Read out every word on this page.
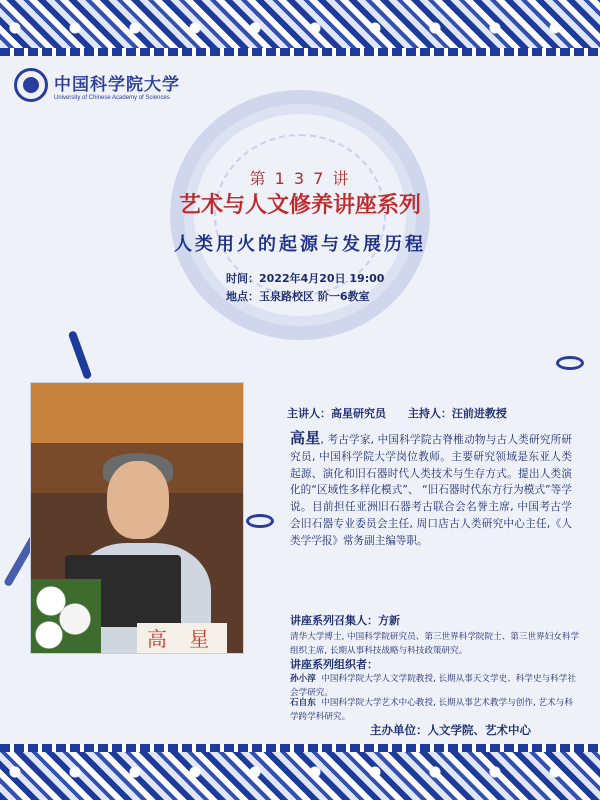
中国科学院大学
University of Chinese Academy of Sciences
第 1 3 7 讲
艺术与人文修养讲座系列
人类用火的起源与发展历程
时间：2022年4月20日 19:00
地点：玉泉路校区 阶一6教室
高 星
主讲人：高星研究员 主持人：汪前进教授
高星, 考古学家, 中国科学院古脊椎动物与古人类研究所研究员, 中国科学院大学岗位教师。主要研究领域是东亚人类起源、演化和旧石器时代人类技术与生存方式。提出人类演化的“区域性多样化模式”、 “旧石器时代东方行为模式”等学说。目前担任亚洲旧石器考古联合会名誉主席, 中国考古学会旧石器专业委员会主任, 周口店古人类研究中心主任,《人类学学报》常务副主编等职。
讲座系列召集人：方新
清华大学博士, 中国科学院研究员、第三世界科学院院士、第三世界妇女科学组织主席, 长期从事科技战略与科技政策研究。
讲座系列组织者：
孙小淳 中国科学院大学人文学院教授, 长期从事天文学史、科学史与科学社会学研究。
石自东 中国科学院大学艺术中心教授, 长期从事艺术教学与创作, 艺术与科学跨学科研究。
主办单位：人文学院、艺术中心
